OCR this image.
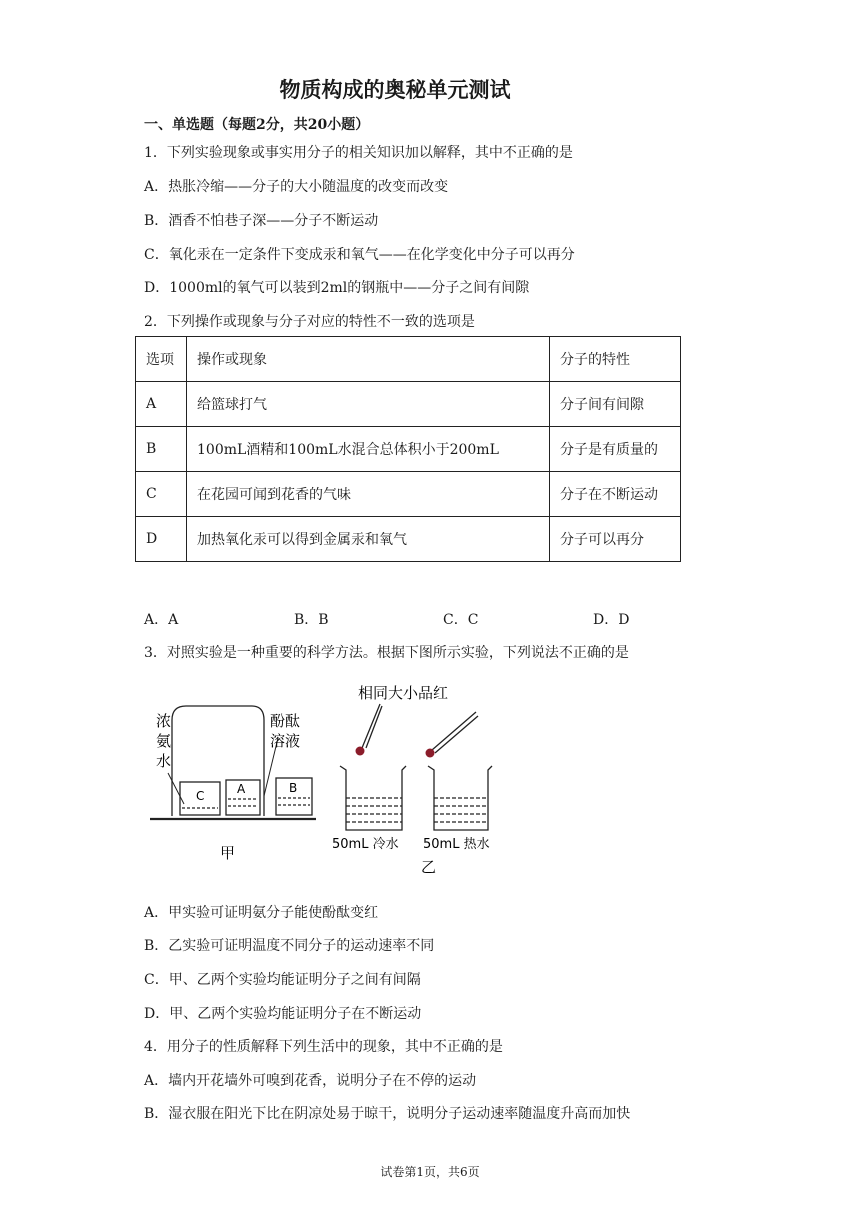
物质构成的奥秘单元测试
一、单选题（每题2分，共20小题）
1．下列实验现象或事实用分子的相关知识加以解释，其中不正确的是
A．热胀冷缩——分子的大小随温度的改变而改变
B．酒香不怕巷子深——分子不断运动
C．氧化汞在一定条件下变成汞和氧气——在化学变化中分子可以再分
D．1000ml的氧气可以装到2ml的钢瓶中——分子之间有间隙
2．下列操作或现象与分子对应的特性不一致的选项是
选项	操作或现象	分子的特性
A	给篮球打气	分子间有间隙
B	100mL酒精和100mL水混合总体积小于200mL	分子是有质量的
C	在花园可闻到花香的气味	分子在不断运动
D	加热氧化汞可以得到金属汞和氧气	分子可以再分
A．A	B．B	C．C	D．D
3．对照实验是一种重要的科学方法。根据下图所示实验，下列说法不正确的是
浓
氨
水
酚酞
溶液
C	A	B
甲
相同大小品红
50mL 冷水 50mL 热水
乙
A．甲实验可证明氨分子能使酚酞变红
B．乙实验可证明温度不同分子的运动速率不同
C．甲、乙两个实验均能证明分子之间有间隔
D．甲、乙两个实验均能证明分子在不断运动
4．用分子的性质解释下列生活中的现象，其中不正确的是
A．墙内开花墙外可嗅到花香，说明分子在不停的运动
B．湿衣服在阳光下比在阴凉处易于晾干，说明分子运动速率随温度升高而加快
试卷第1页，共6页
